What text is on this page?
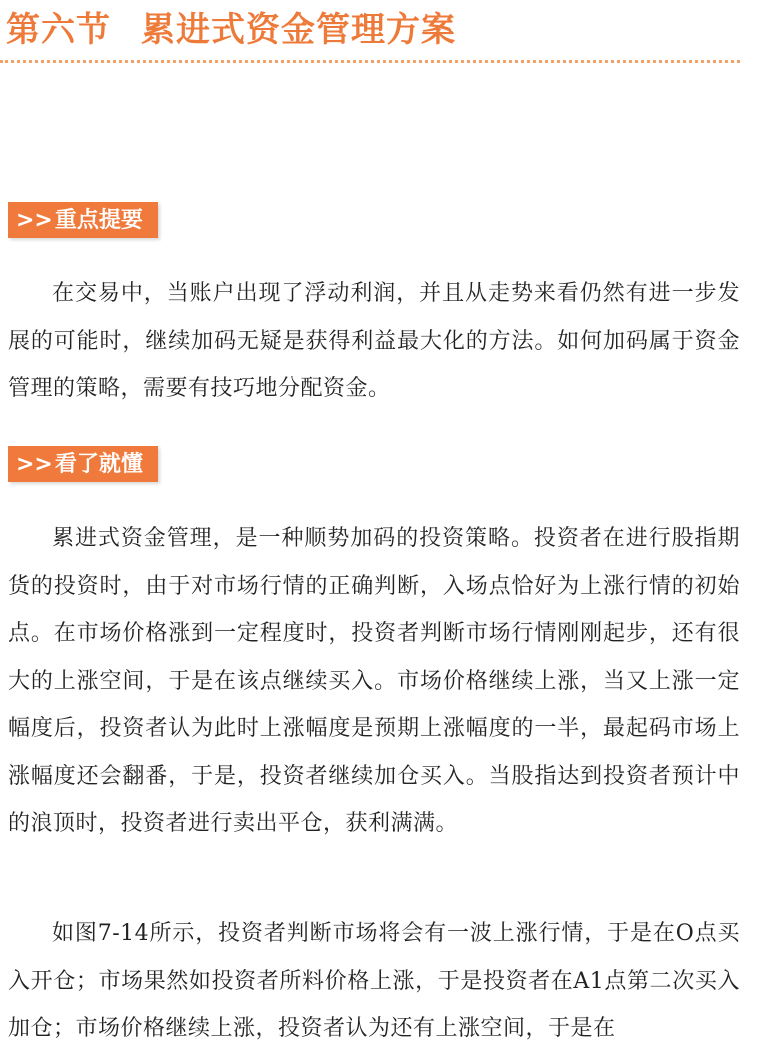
第六节 累进式资金管理方案
>>重点提要

在交易中，当账户出现了浮动利润，并且从走势来看仍然有进一步发展的可能时，继续加码无疑是获得利益最大化的方法。如何加码属于资金管理的策略，需要有技巧地分配资金。

>>看了就懂

累进式资金管理，是一种顺势加码的投资策略。投资者在进行股指期货的投资时，由于对市场行情的正确判断，入场点恰好为上涨行情的初始点。在市场价格涨到一定程度时，投资者判断市场行情刚刚起步，还有很大的上涨空间，于是在该点继续买入。市场价格继续上涨，当又上涨一定幅度后，投资者认为此时上涨幅度是预期上涨幅度的一半，最起码市场上涨幅度还会翻番，于是，投资者继续加仓买入。当股指达到投资者预计中的浪顶时，投资者进行卖出平仓，获利满满。

如图7-14所示，投资者判断市场将会有一波上涨行情，于是在O点买入开仓；市场果然如投资者所料价格上涨，于是投资者在A1点第二次买入加仓；市场价格继续上涨，投资者认为还有上涨空间，于是在
